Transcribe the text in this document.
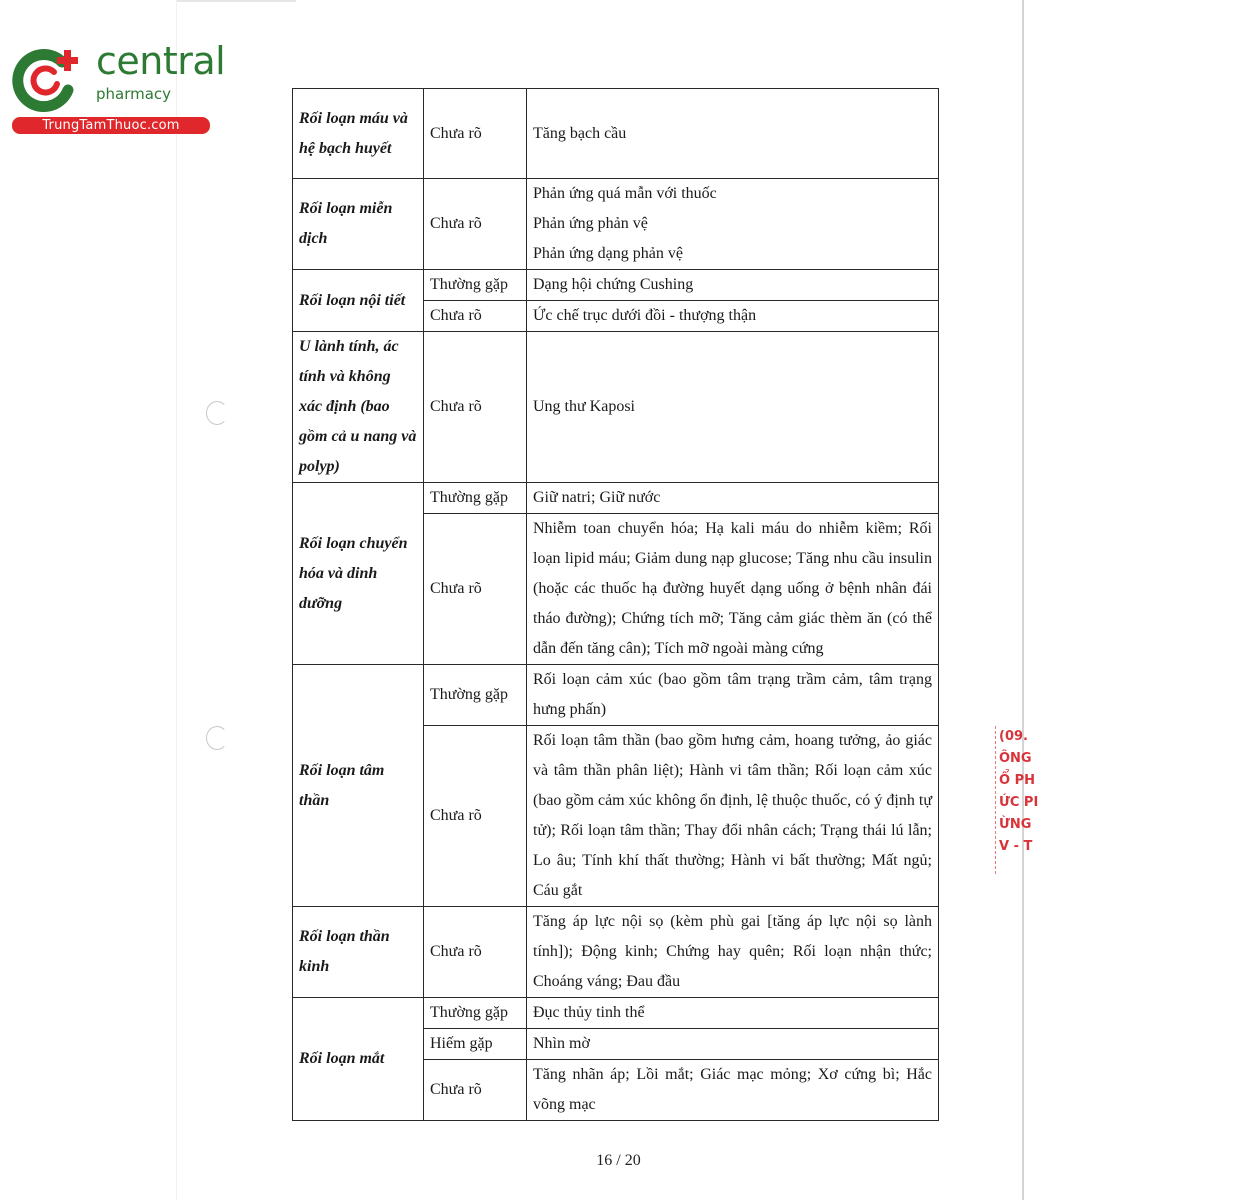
central
pharmacy
TrungTamThuoc.com
(09.
ÔNG
Ổ PH
ỨC PI
ỪNG
V - T
Rối loạn máu và hệ bạch huyết	Chưa rõ	Tăng bạch cầu

Rối loạn miễn dịch	Chưa rõ	Phản ứng quá mẫn với thuốc
Phản ứng phản vệ
Phản ứng dạng phản vệ

Rối loạn nội tiết	Thường gặp	Dạng hội chứng Cushing

	Chưa rõ	Ức chế trục dưới đồi - thượng thận

U lành tính, ác tính và không xác định (bao gồm cả u nang và polyp)	Chưa rõ	Ung thư Kaposi

Rối loạn chuyển hóa và dinh dưỡng	Thường gặp	Giữ natri; Giữ nước

	Chưa rõ	Nhiễm toan chuyển hóa; Hạ kali máu do nhiễm kiềm; Rối loạn lipid máu; Giảm dung nạp glucose; Tăng nhu cầu insulin (hoặc các thuốc hạ đường huyết dạng uống ở bệnh nhân đái tháo đường); Chứng tích mỡ; Tăng cảm giác thèm ăn (có thể dẫn đến tăng cân); Tích mỡ ngoài màng cứng

Rối loạn tâm thần	Thường gặp	Rối loạn cảm xúc (bao gồm tâm trạng trầm cảm, tâm trạng hưng phấn)

	Chưa rõ	Rối loạn tâm thần (bao gồm hưng cảm, hoang tưởng, ảo giác và tâm thần phân liệt); Hành vi tâm thần; Rối loạn cảm xúc (bao gồm cảm xúc không ổn định, lệ thuộc thuốc, có ý định tự tử); Rối loạn tâm thần; Thay đổi nhân cách; Trạng thái lú lẫn; Lo âu; Tính khí thất thường; Hành vi bất thường; Mất ngủ; Cáu gắt

Rối loạn thần kinh	Chưa rõ	Tăng áp lực nội sọ (kèm phù gai [tăng áp lực nội sọ lành tính]); Động kinh; Chứng hay quên; Rối loạn nhận thức; Choáng váng; Đau đầu

Rối loạn mắt	Thường gặp	Đục thủy tinh thể

	Hiếm gặp	Nhìn mờ

	Chưa rõ	Tăng nhãn áp; Lồi mắt; Giác mạc mỏng; Xơ cứng bì; Hắc võng mạc
16 / 20
